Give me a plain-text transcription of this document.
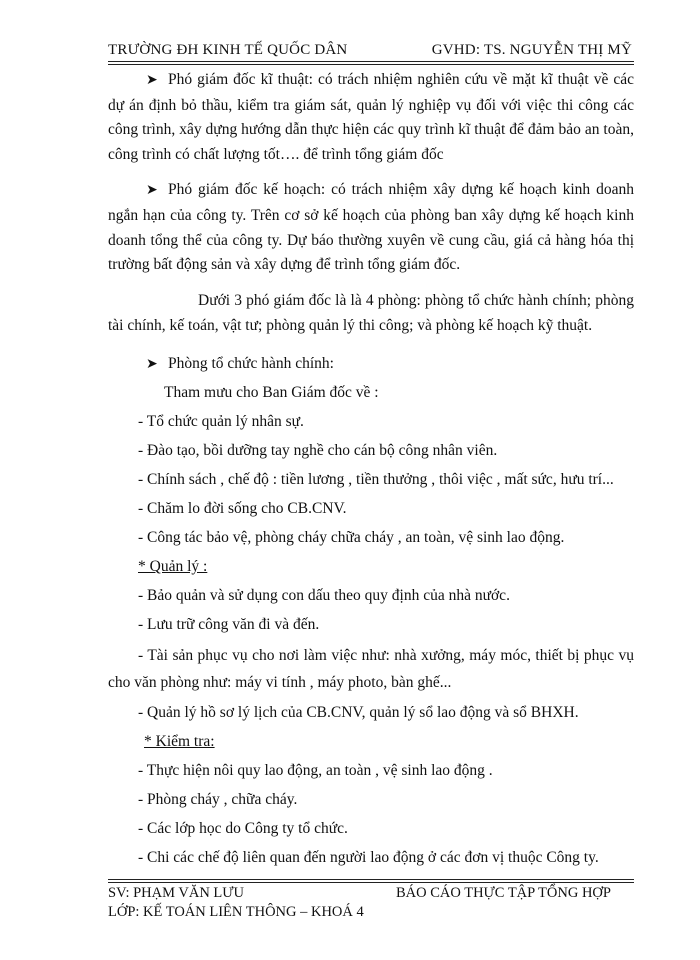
TRƯỜNG ĐH KINH TẾ QUỐC DÂN	GVHD: TS. NGUYỄN THỊ MỸ
➤ Phó giám đốc kĩ thuật: có trách nhiệm nghiên cứu về mặt kĩ thuật về các dự án định bỏ thầu, kiểm tra giám sát, quản lý nghiệp vụ đối với việc thi công các công trình, xây dựng hướng dẫn thực hiện các quy trình kĩ thuật để đảm bảo an toàn, công trình có chất lượng tốt…. để trình tổng giám đốc
➤ Phó giám đốc kế hoạch: có trách nhiệm xây dựng kế hoạch kinh doanh ngắn hạn của công ty. Trên cơ sở kế hoạch của phòng ban xây dựng kế hoạch kinh doanh tổng thể của công ty. Dự báo thường xuyên về cung cầu, giá cả hàng hóa thị trường bất động sản và xây dựng để trình tổng giám đốc.
Dưới 3 phó giám đốc là là 4 phòng: phòng tổ chức hành chính; phòng tài chính, kế toán, vật tư; phòng quản lý thi công; và phòng kế hoạch kỹ thuật.
➤ Phòng tổ chức hành chính:
Tham mưu cho Ban Giám đốc về :
- Tổ chức quản lý nhân sự.
- Đào tạo, bồi dưỡng tay nghề cho cán bộ công nhân viên.
- Chính sách , chế độ : tiền lương , tiền thưởng , thôi việc , mất sức, hưu trí...
- Chăm lo đời sống cho CB.CNV.
- Công tác bảo vệ, phòng cháy chữa cháy , an toàn, vệ sinh lao động.
* Quản lý :
- Bảo quản và sử dụng con dấu theo quy định của nhà nước.
- Lưu trữ công văn đi và đến.
- Tài sản phục vụ cho nơi làm việc như: nhà xưởng, máy móc, thiết bị phục vụ cho văn phòng như: máy vi tính , máy photo, bàn ghế...
- Quản lý hồ sơ lý lịch của CB.CNV, quản lý sổ lao động và sổ BHXH.
* Kiểm tra:
- Thực hiện nôi quy lao động, an toàn , vệ sinh lao động .
- Phòng cháy , chữa cháy.
- Các lớp học do Công ty tổ chức.
- Chi các chế độ liên quan đến người lao động ở các đơn vị thuộc Công ty.
SV: PHẠM VĂN LƯU	BÁO CÁO THỰC TẬP TỔNG HỢP
LỚP: KẾ TOÁN LIÊN THÔNG – KHOÁ 4
